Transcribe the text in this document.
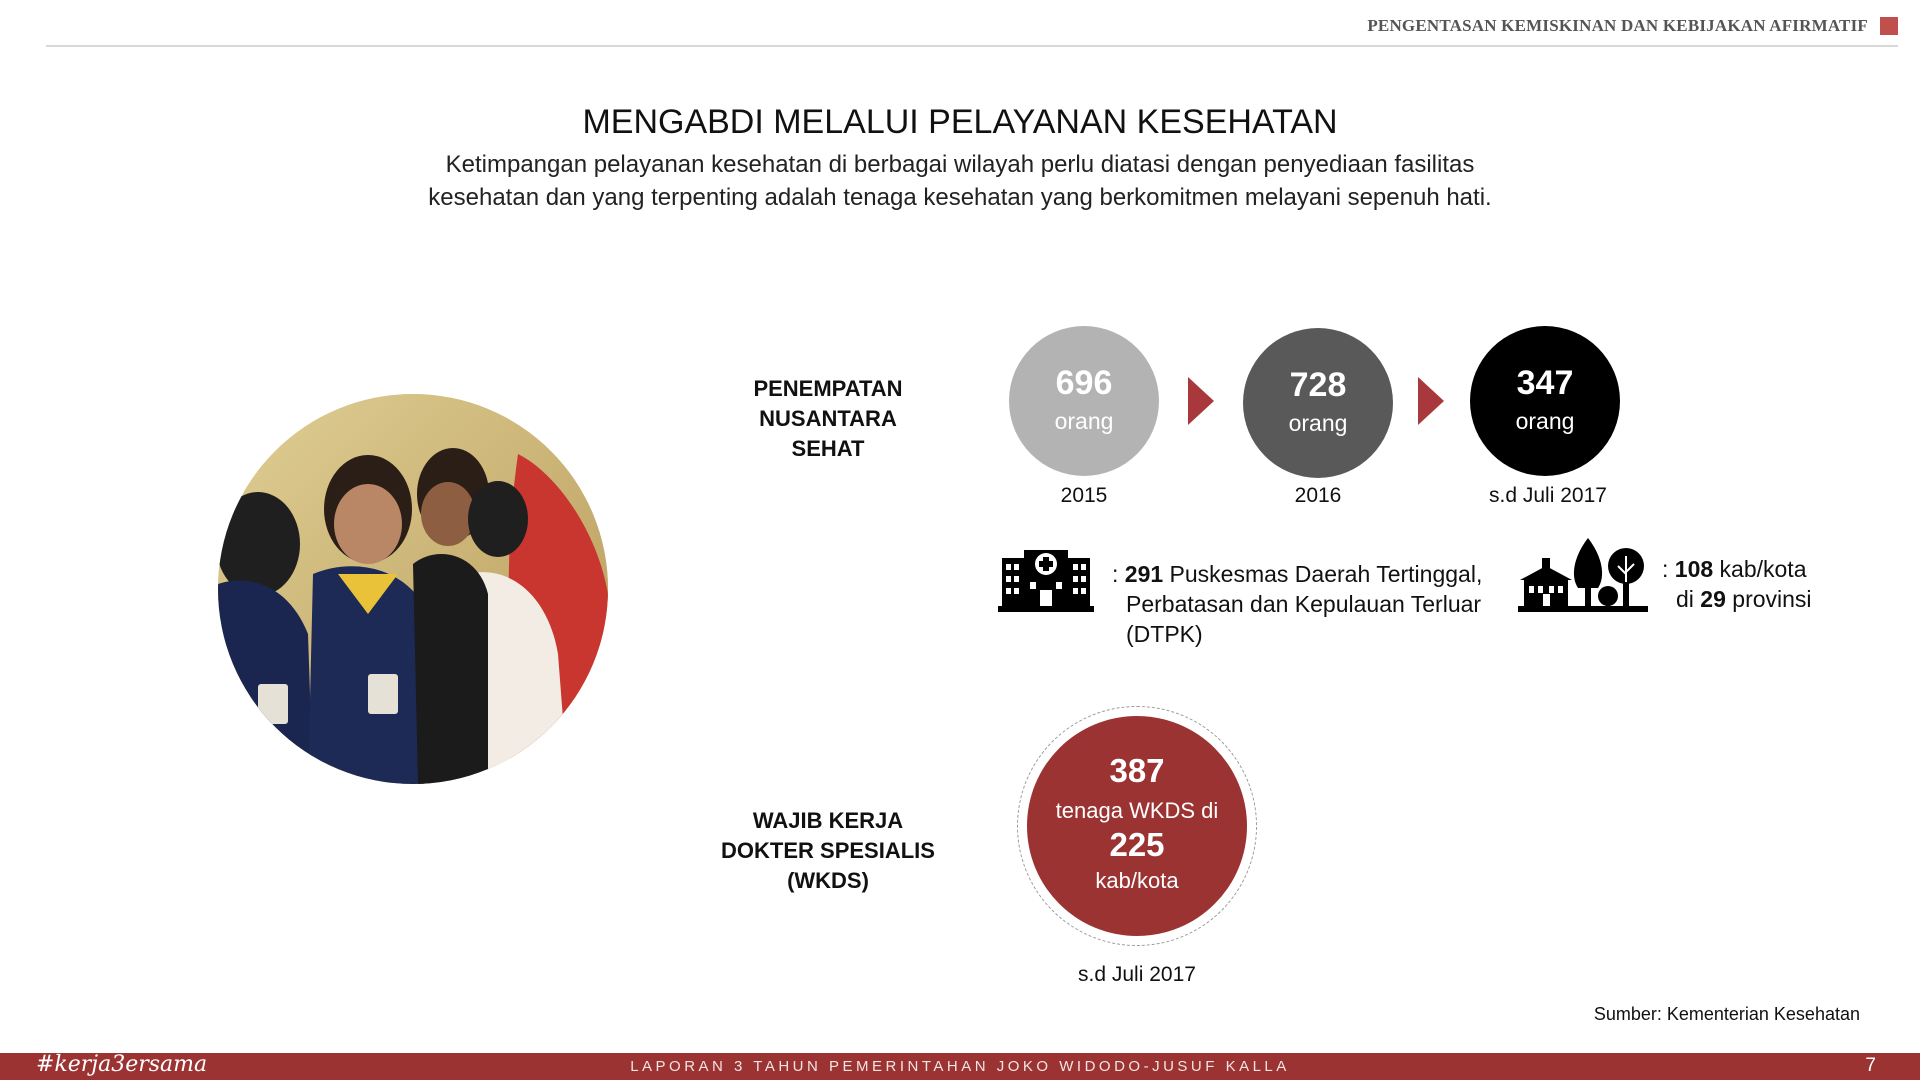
PENGENTASAN KEMISKINAN DAN KEBIJAKAN AFIRMATIF
MENGABDI MELALUI PELAYANAN KESEHATAN

Ketimpangan pelayanan kesehatan di berbagai wilayah perlu diatasi dengan penyediaan fasilitas kesehatan dan yang terpenting adalah tenaga kesehatan yang berkomitmen melayani sepenuh hati.

PENEMPATAN
NUSANTARA
SEHAT
696
orang
728
orang
347
orang
2015	2016	s.d Juli 2017
: 291 Puskesmas Daerah Tertinggal,
Perbatasan dan Kepulauan Terluar
(DTPK)
: 108 kab/kota
di 29 provinsi
WAJIB KERJA
DOKTER SPESIALIS
(WKDS)
387
tenaga WKDS di
225
kab/kota
s.d Juli 2017
Sumber: Kementerian Kesehatan
#kerja3ersama	LAPORAN 3 TAHUN PEMERINTAHAN JOKO WIDODO-JUSUF KALLA	7
